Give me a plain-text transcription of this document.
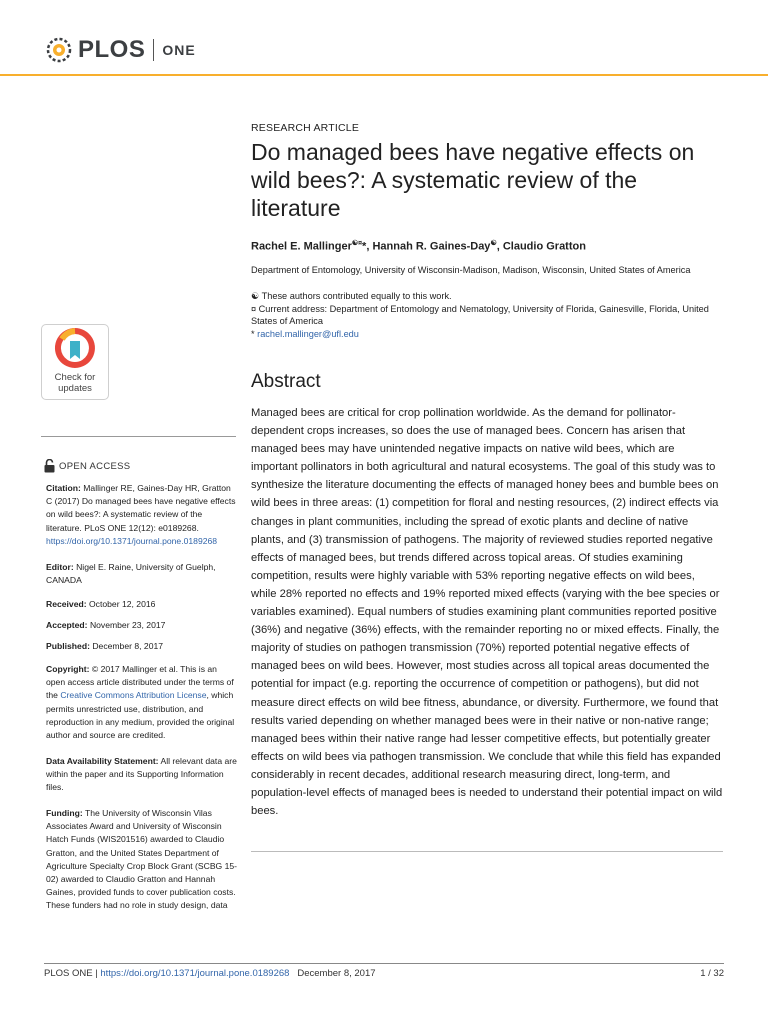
PLOS ONE
Check for updates
OPEN ACCESS
Citation: Mallinger RE, Gaines-Day HR, Gratton C (2017) Do managed bees have negative effects on wild bees?: A systematic review of the literature. PLoS ONE 12(12): e0189268. https://doi.org/10.1371/journal.pone.0189268
Editor: Nigel E. Raine, University of Guelph, CANADA
Received: October 12, 2016
Accepted: November 23, 2017
Published: December 8, 2017
Copyright: © 2017 Mallinger et al. This is an open access article distributed under the terms of the Creative Commons Attribution License, which permits unrestricted use, distribution, and reproduction in any medium, provided the original author and source are credited.
Data Availability Statement: All relevant data are within the paper and its Supporting Information files.
Funding: The University of Wisconsin Vilas Associates Award and University of Wisconsin Hatch Funds (WIS201516) awarded to Claudio Gratton, and the United States Department of Agriculture Specialty Crop Block Grant (SCBG 15-02) awarded to Claudio Gratton and Hannah Gaines, provided funds to cover publication costs. These funders had no role in study design, data
RESEARCH ARTICLE
Do managed bees have negative effects on wild bees?: A systematic review of the literature
Rachel E. Mallinger☯¤*, Hannah R. Gaines-Day☯, Claudio Gratton
Department of Entomology, University of Wisconsin-Madison, Madison, Wisconsin, United States of America
☯ These authors contributed equally to this work.
¤ Current address: Department of Entomology and Nematology, University of Florida, Gainesville, Florida, United States of America
* rachel.mallinger@ufl.edu
Abstract
Managed bees are critical for crop pollination worldwide. As the demand for pollinator-dependent crops increases, so does the use of managed bees. Concern has arisen that managed bees may have unintended negative impacts on native wild bees, which are important pollinators in both agricultural and natural ecosystems. The goal of this study was to synthesize the literature documenting the effects of managed honey bees and bumble bees on wild bees in three areas: (1) competition for floral and nesting resources, (2) indirect effects via changes in plant communities, including the spread of exotic plants and decline of native plants, and (3) transmission of pathogens. The majority of reviewed studies reported negative effects of managed bees, but trends differed across topical areas. Of studies examining competition, results were highly variable with 53% reporting negative effects on wild bees, while 28% reported no effects and 19% reported mixed effects (varying with the bee species or variables examined). Equal numbers of studies examining plant communities reported positive (36%) and negative (36%) effects, with the remainder reporting no or mixed effects. Finally, the majority of studies on pathogen transmission (70%) reported potential negative effects of managed bees on wild bees. However, most studies across all topical areas documented the potential for impact (e.g. reporting the occurrence of competition or pathogens), but did not measure direct effects on wild bee fitness, abundance, or diversity. Furthermore, we found that results varied depending on whether managed bees were in their native or non-native range; managed bees within their native range had lesser competitive effects, but potentially greater effects on wild bees via pathogen transmission. We conclude that while this field has expanded considerably in recent decades, additional research measuring direct, long-term, and population-level effects of managed bees is needed to understand their potential impact on wild bees.
PLOS ONE | https://doi.org/10.1371/journal.pone.0189268 December 8, 2017	1 / 32
